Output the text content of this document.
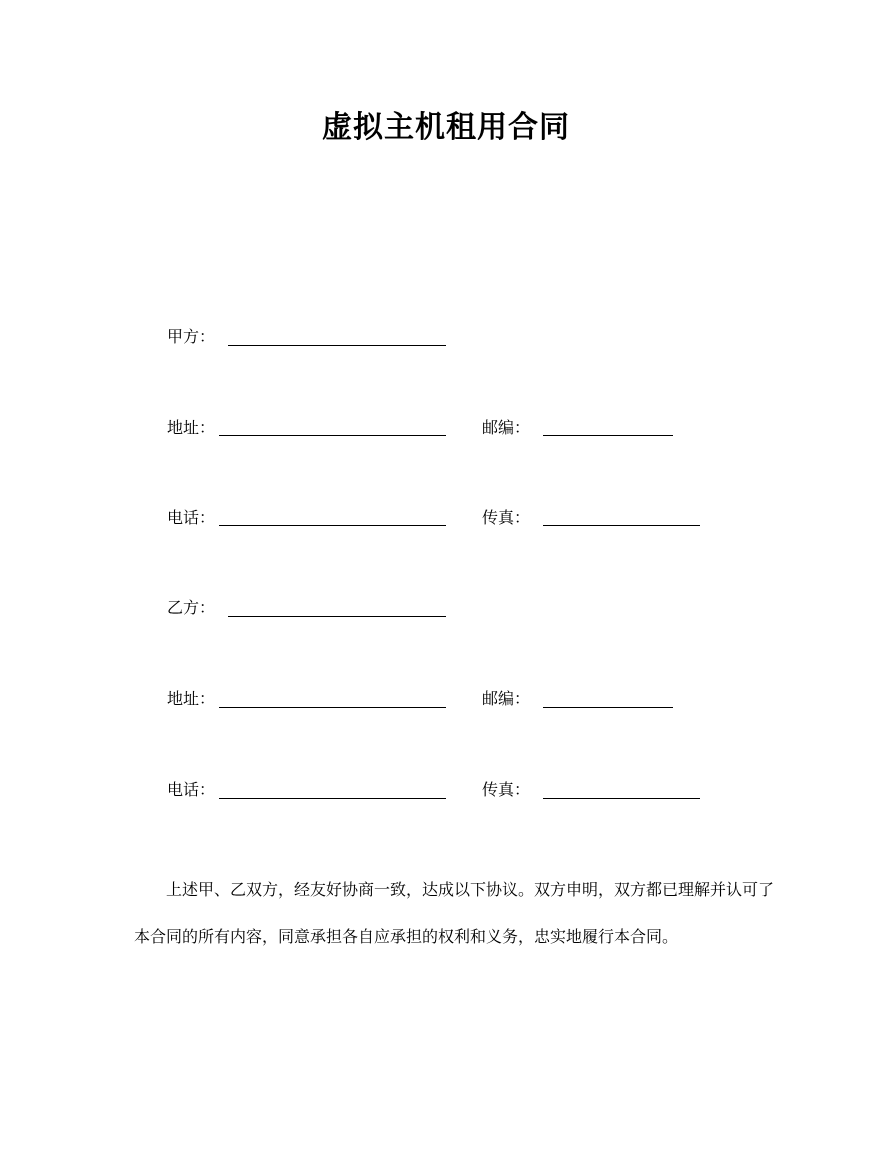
虚拟主机租用合同
甲方：
地址：	邮编：
电话：	传真：
乙方：
地址：	邮编：
电话：	传真：
上述甲、乙双方，经友好协商一致，达成以下协议。双方申明，双方都已理解并认可了本合同的所有内容，同意承担各自应承担的权利和义务，忠实地履行本合同。
